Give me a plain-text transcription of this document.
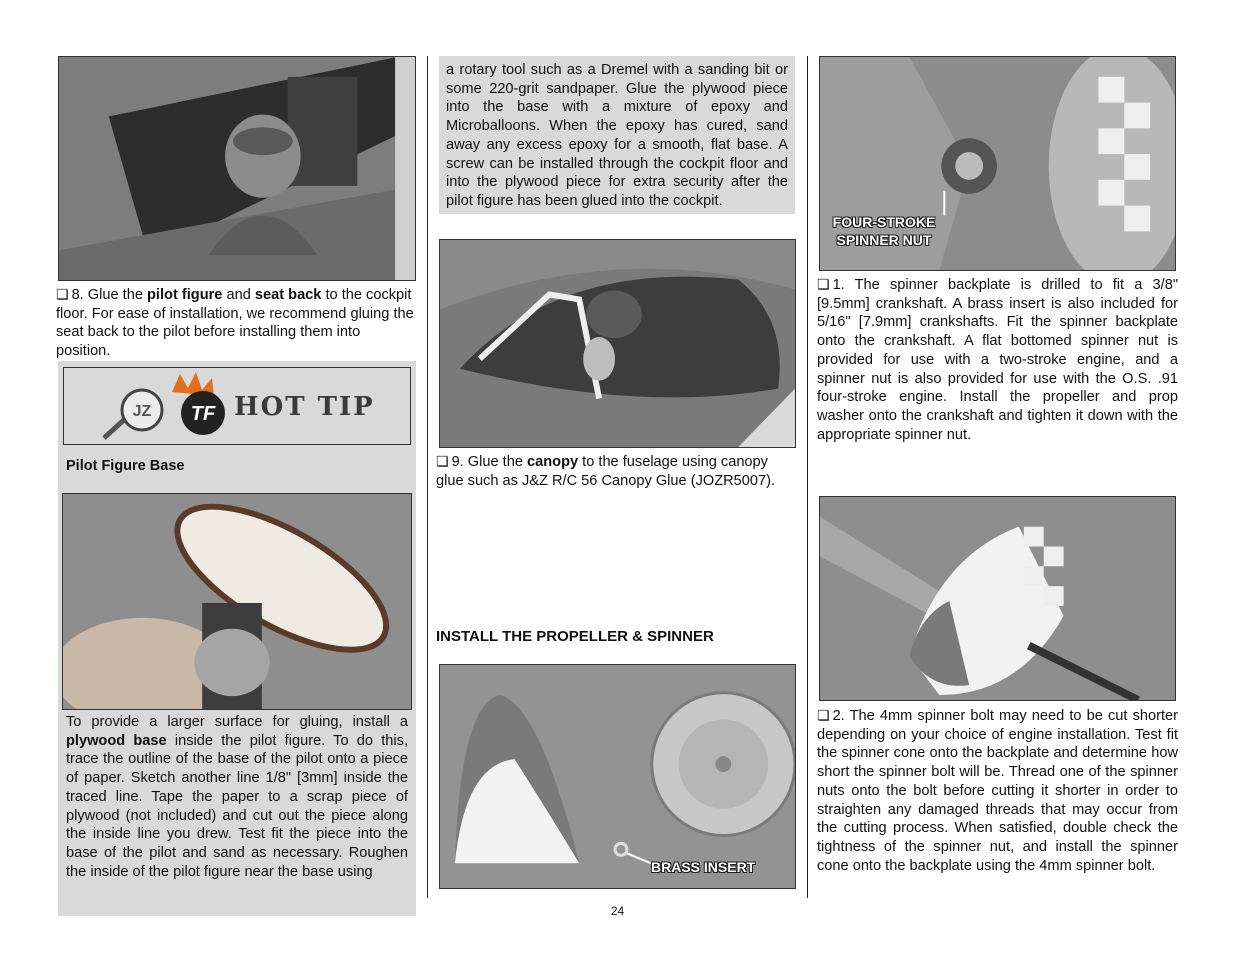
❏ 8. Glue the pilot figure and seat back to the cockpit floor. For ease of installation, we recommend gluing the seat back to the pilot before installing them into position.
JZ TF HOT TIP
Pilot Figure Base
To provide a larger surface for gluing, install a plywood base inside the pilot figure. To do this, trace the outline of the base of the pilot onto a piece of paper. Sketch another line 1/8" [3mm] inside the traced line. Tape the paper to a scrap piece of plywood (not included) and cut out the piece along the inside line you drew. Test fit the piece into the base of the pilot and sand as necessary. Roughen the inside of the pilot figure near the base using
a rotary tool such as a Dremel with a sanding bit or some 220-grit sandpaper. Glue the plywood piece into the base with a mixture of epoxy and Microballoons. When the epoxy has cured, sand away any excess epoxy for a smooth, flat base. A screw can be installed through the cockpit floor and into the plywood piece for extra security after the pilot figure has been glued into the cockpit.
❏ 9. Glue the canopy to the fuselage using canopy glue such as J&Z R/C 56 Canopy Glue (JOZR5007).
INSTALL THE PROPELLER & SPINNER
BRASS INSERT
FOUR-STROKE
SPINNER NUT
❏ 1. The spinner backplate is drilled to fit a 3/8" [9.5mm] crankshaft. A brass insert is also included for 5/16" [7.9mm] crankshafts. Fit the spinner backplate onto the crankshaft. A flat bottomed spinner nut is provided for use with a two-stroke engine, and a spinner nut is also provided for use with the O.S. .91 four-stroke engine. Install the propeller and prop washer onto the crankshaft and tighten it down with the appropriate spinner nut.
❏ 2. The 4mm spinner bolt may need to be cut shorter depending on your choice of engine installation. Test fit the spinner cone onto the backplate and determine how short the spinner bolt will be. Thread one of the spinner nuts onto the bolt before cutting it shorter in order to straighten any damaged threads that may occur from the cutting process. When satisfied, double check the tightness of the spinner nut, and install the spinner cone onto the backplate using the 4mm spinner bolt.
24
